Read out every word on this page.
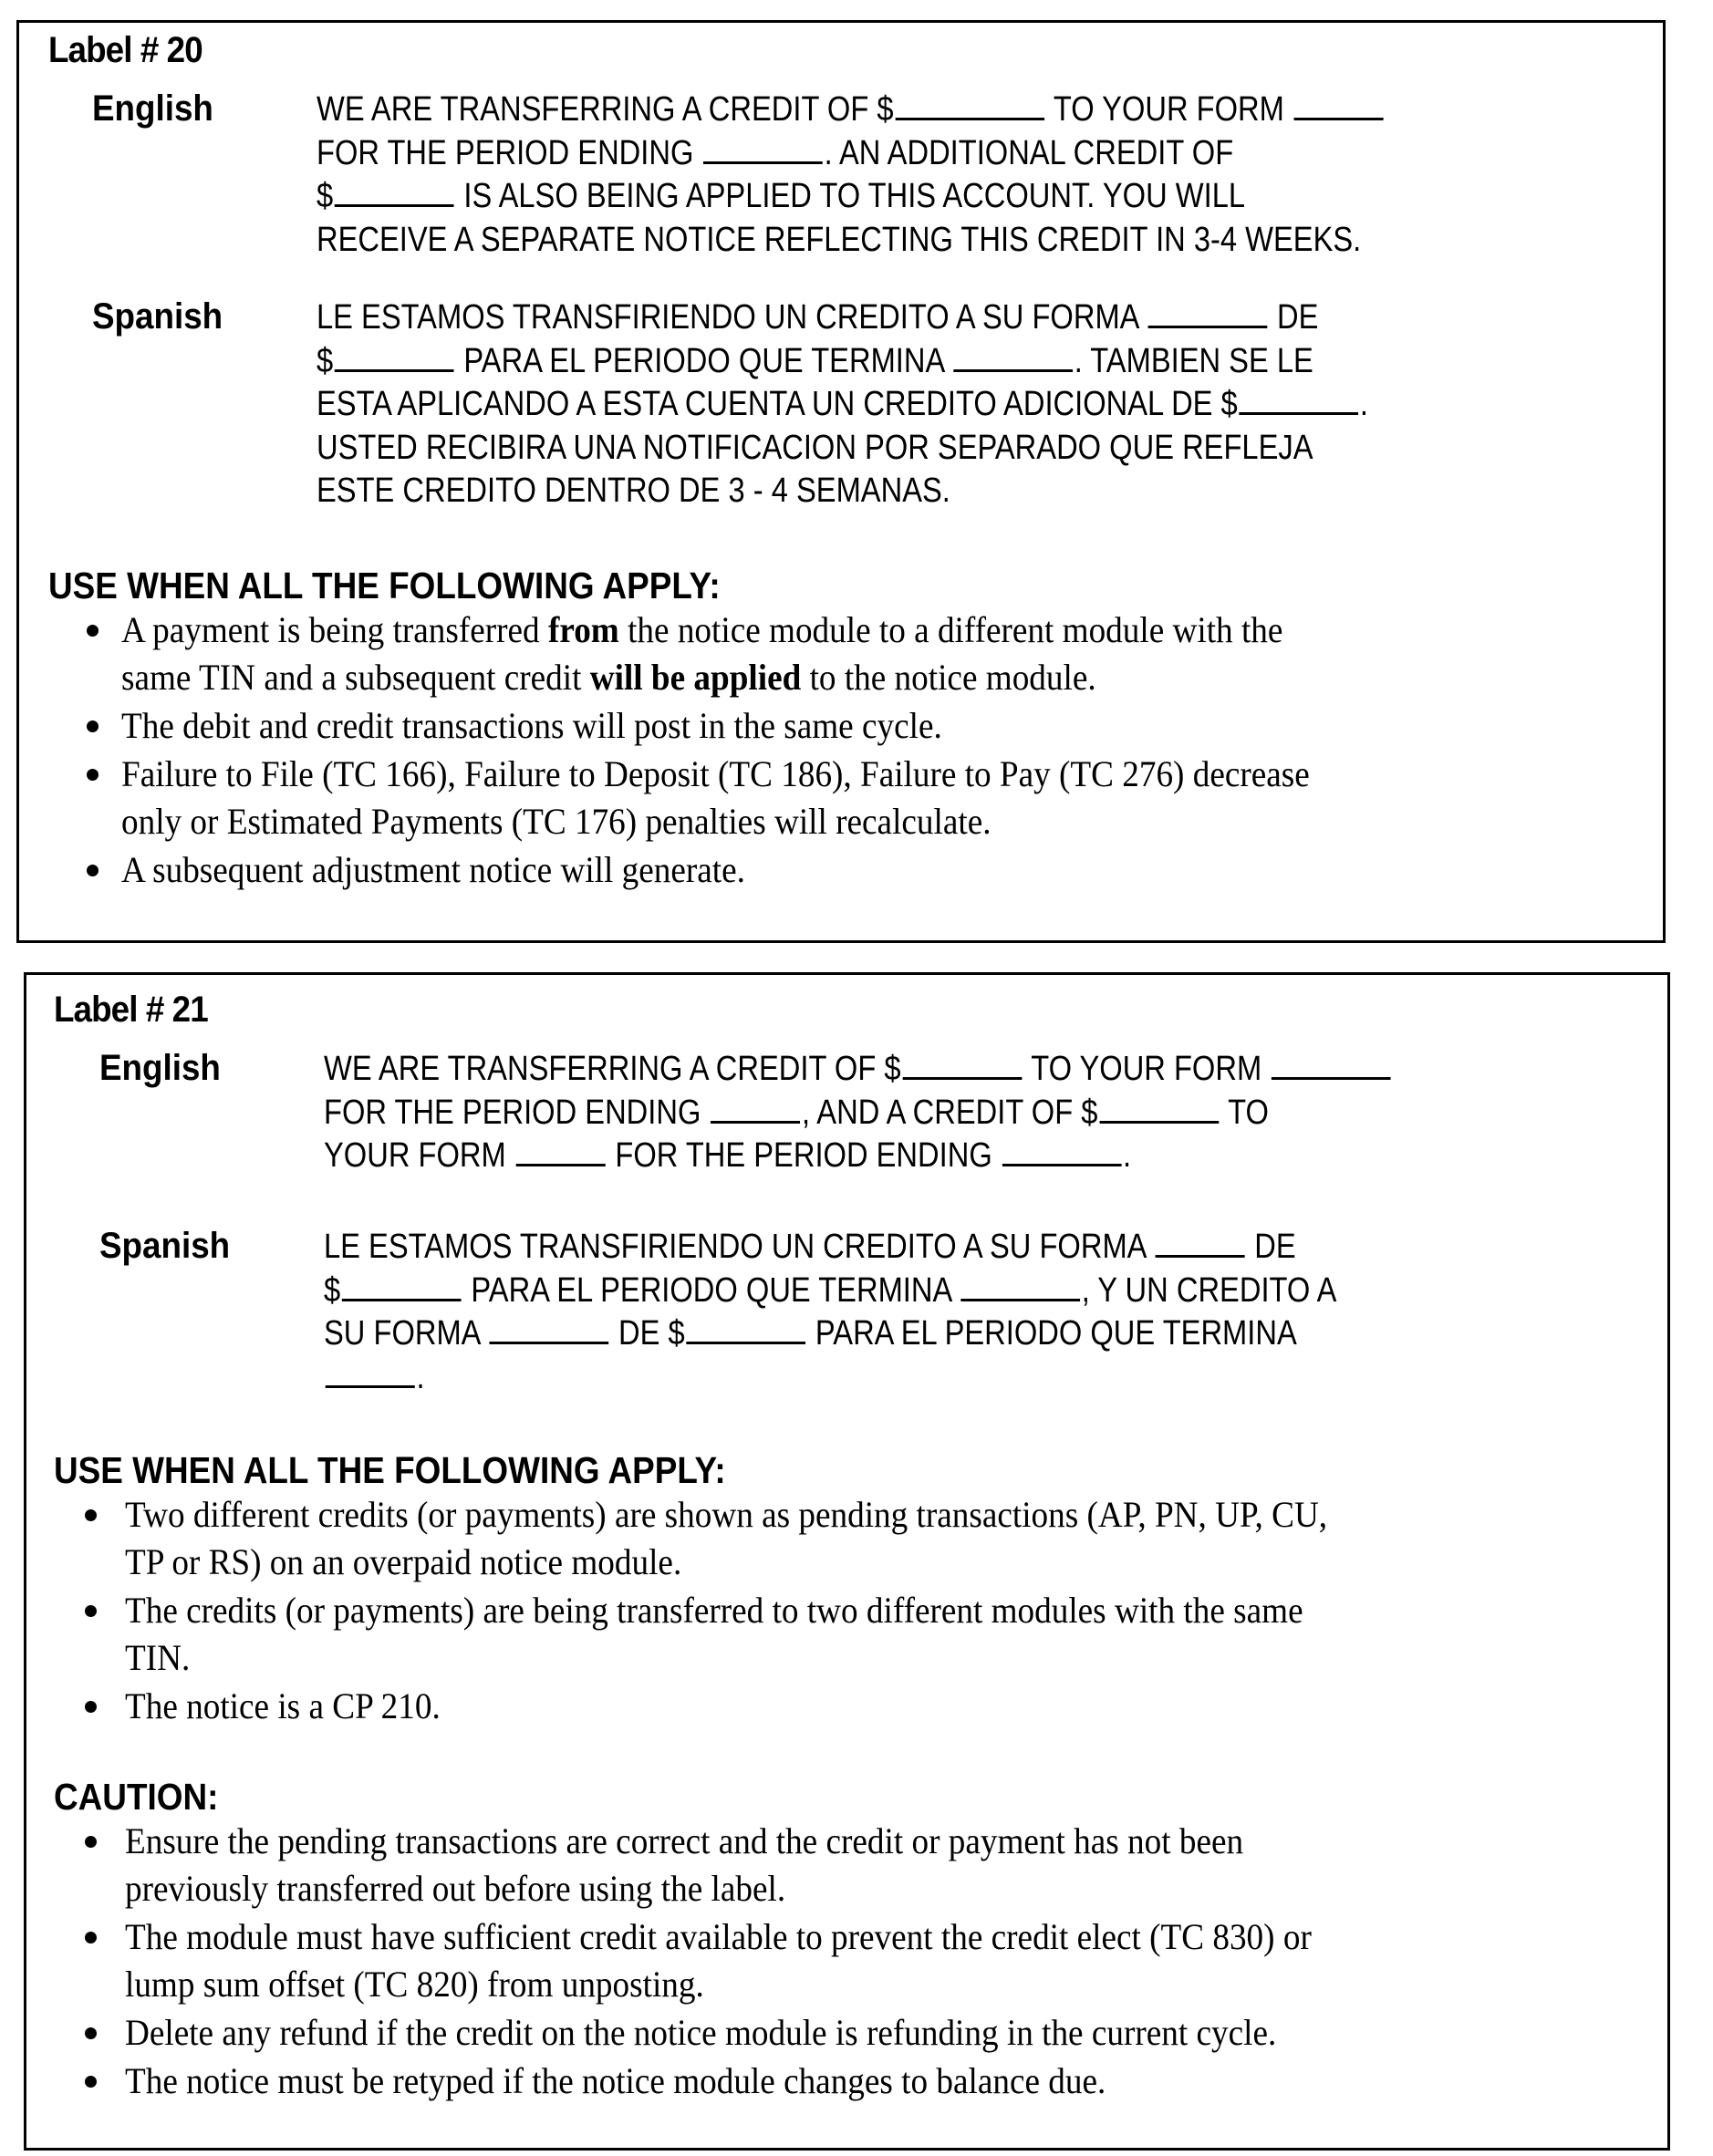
Label # 20
English	WE ARE TRANSFERRING A CREDIT OF $	TO YOUR FORM
FOR THE PERIOD ENDING	. AN ADDITIONAL CREDIT OF
$	IS ALSO BEING APPLIED TO THIS ACCOUNT. YOU WILL
RECEIVE A SEPARATE NOTICE REFLECTING THIS CREDIT IN 3-4 WEEKS.
Spanish	LE ESTAMOS TRANSFIRIENDO UN CREDITO A SU FORMA	DE
$	PARA EL PERIODO QUE TERMINA	. TAMBIEN SE LE
ESTA APLICANDO A ESTA CUENTA UN CREDITO ADICIONAL DE $	.
USTED RECIBIRA UNA NOTIFICACION POR SEPARADO QUE REFLEJA
ESTE CREDITO DENTRO DE 3 - 4 SEMANAS.
USE WHEN ALL THE FOLLOWING APPLY:
A payment is being transferred from the notice module to a different module with the
same TIN and a subsequent credit will be applied to the notice module.
The debit and credit transactions will post in the same cycle.
Failure to File (TC 166), Failure to Deposit (TC 186), Failure to Pay (TC 276) decrease
only or Estimated Payments (TC 176) penalties will recalculate.
A subsequent adjustment notice will generate.
Label # 21
English	WE ARE TRANSFERRING A CREDIT OF $	TO YOUR FORM
FOR THE PERIOD ENDING	, AND A CREDIT OF $	TO
YOUR FORM	FOR THE PERIOD ENDING	.
Spanish	LE ESTAMOS TRANSFIRIENDO UN CREDITO A SU FORMA	DE
$	PARA EL PERIODO QUE TERMINA	, Y UN CREDITO A
SU FORMA	DE $	PARA EL PERIODO QUE TERMINA
.
USE WHEN ALL THE FOLLOWING APPLY:
Two different credits (or payments) are shown as pending transactions (AP, PN, UP, CU,
TP or RS) on an overpaid notice module.
The credits (or payments) are being transferred to two different modules with the same
TIN.
The notice is a CP 210.
CAUTION:
Ensure the pending transactions are correct and the credit or payment has not been
previously transferred out before using the label.
The module must have sufficient credit available to prevent the credit elect (TC 830) or
lump sum offset (TC 820) from unposting.
Delete any refund if the credit on the notice module is refunding in the current cycle.
The notice must be retyped if the notice module changes to balance due.
